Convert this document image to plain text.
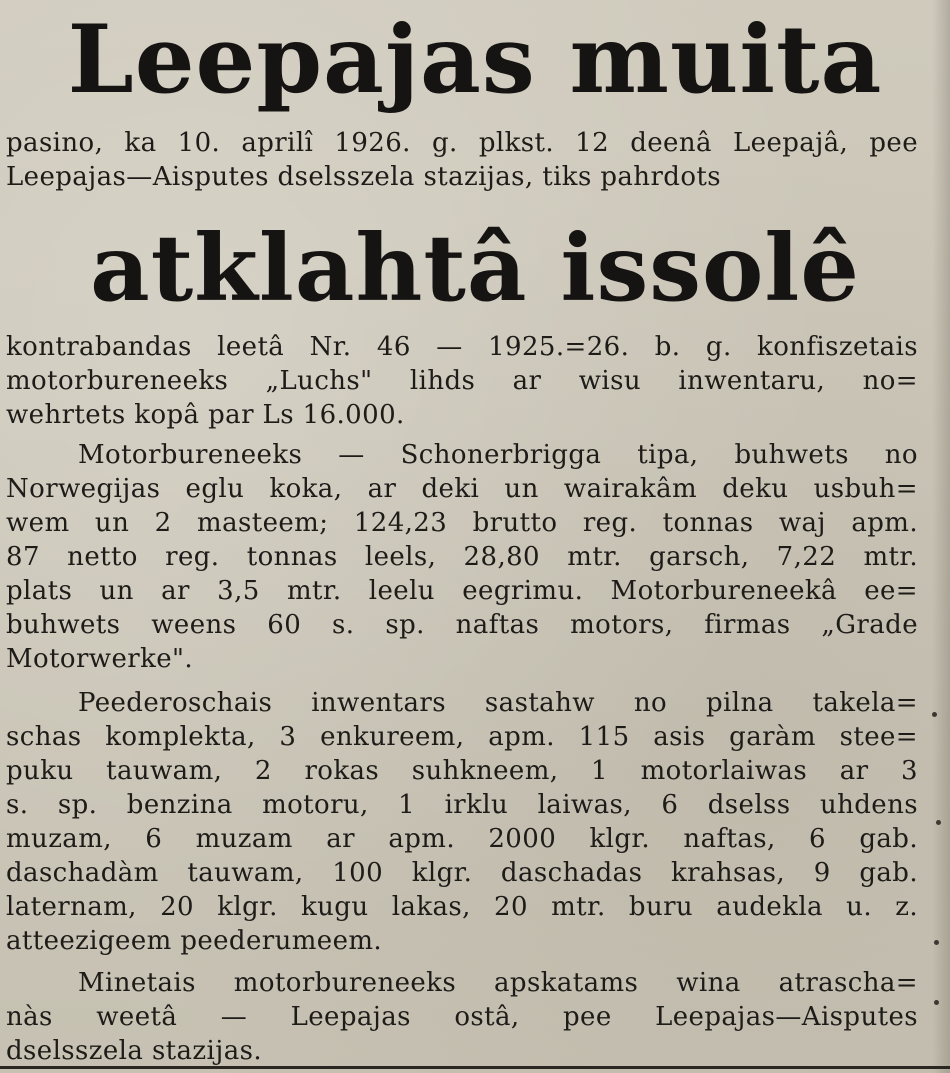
Leepajas muita
pasino, ka 10. aprilî 1926. g. plkst. 12 deenâ Leepajâ, pee
Leepajas—Aisputes dselsszela stazijas, tiks pahrdots
atklahtâ issolê
kontrabandas leetâ Nr. 46 — 1925.=26. b. g. konfiszetais
motorbureneeks „Luchs" lihds ar wisu inwentaru, no=
wehrtets kopâ par Ls 16.000.
Motorbureneeks — Schonerbrigga tipa, buhwets no
Norwegijas eglu koka, ar deki un wairakâm deku usbuh=
wem un 2 masteem; 124,23 brutto reg. tonnas waj apm.
87 netto reg. tonnas leels, 28,80 mtr. garsch, 7,22 mtr.
plats un ar 3,5 mtr. leelu eegrimu. Motorbureneekâ ee=
buhwets weens 60 s. sp. naftas motors, firmas „Grade
Motorwerke".
Peederoschais inwentars sastahw no pilna takela=
schas komplekta, 3 enkureem, apm. 115 asis garàm stee=
puku tauwam, 2 rokas suhkneem, 1 motorlaiwas ar 3
s. sp. benzina motoru, 1 irklu laiwas, 6 dselss uhdens
muzam, 6 muzam ar apm. 2000 klgr. naftas, 6 gab.
daschadàm tauwam, 100 klgr. daschadas krahsas, 9 gab.
laternam, 20 klgr. kugu lakas, 20 mtr. buru audekla u. z.
atteezigeem peederumeem.
Minetais motorbureneeks apskatams wina atrascha=
nàs weetâ — Leepajas ostâ, pee Leepajas—Aisputes
dselsszela stazijas.
